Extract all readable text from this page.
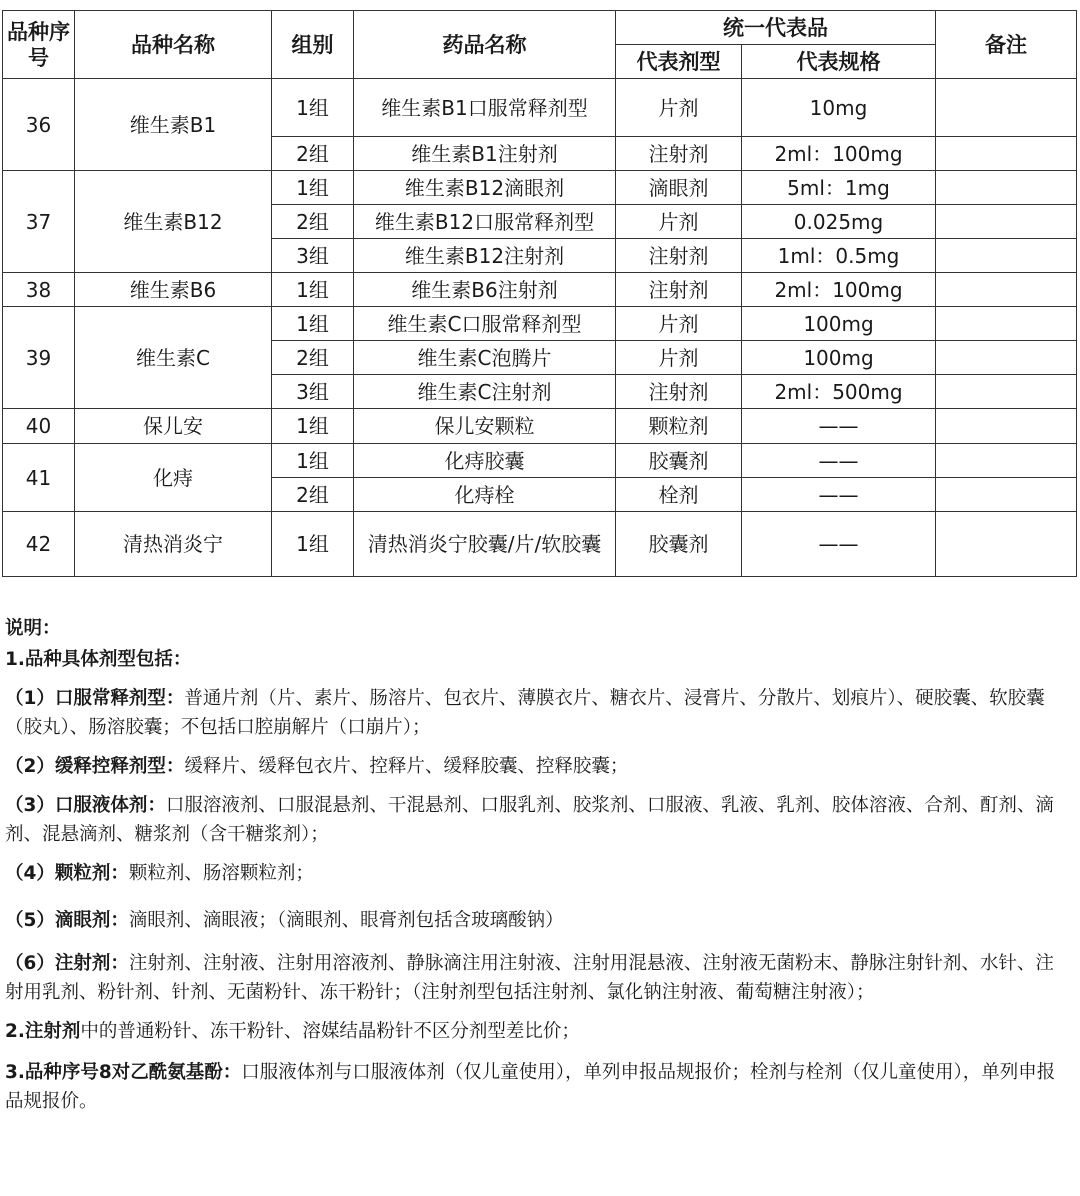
品种序号	品种名称	组别	药品名称	统一代表品		备注
				代表剂型	代表规格	
36	维生素B1	1组	维生素B1口服常释剂型	片剂	10mg	
		2组	维生素B1注射剂	注射剂	2ml：100mg	
37	维生素B12	1组	维生素B12滴眼剂	滴眼剂	5ml：1mg	
		2组	维生素B12口服常释剂型	片剂	0.025mg	
		3组	维生素B12注射剂	注射剂	1ml：0.5mg	
38	维生素B6	1组	维生素B6注射剂	注射剂	2ml：100mg	
39	维生素C	1组	维生素C口服常释剂型	片剂	100mg	
		2组	维生素C泡腾片	片剂	100mg	
		3组	维生素C注射剂	注射剂	2ml：500mg	
40	保儿安	1组	保儿安颗粒	颗粒剂	——	
41	化痔	1组	化痔胶囊	胶囊剂	——	
		2组	化痔栓	栓剂	——	
42	清热消炎宁	1组	清热消炎宁胶囊/片/软胶囊	胶囊剂	——	

说明：

1.品种具体剂型包括：

（1）口服常释剂型：普通片剂（片、素片、肠溶片、包衣片、薄膜衣片、糖衣片、浸膏片、分散片、划痕片）、硬胶囊、软胶囊（胶丸）、肠溶胶囊；不包括口腔崩解片（口崩片）；

（2）缓释控释剂型：缓释片、缓释包衣片、控释片、缓释胶囊、控释胶囊；

（3）口服液体剂：口服溶液剂、口服混悬剂、干混悬剂、口服乳剂、胶浆剂、口服液、乳液、乳剂、胶体溶液、合剂、酊剂、滴剂、混悬滴剂、糖浆剂（含干糖浆剂）；

（4）颗粒剂：颗粒剂、肠溶颗粒剂；

（5）滴眼剂：滴眼剂、滴眼液；（滴眼剂、眼膏剂包括含玻璃酸钠）

（6）注射剂：注射剂、注射液、注射用溶液剂、静脉滴注用注射液、注射用混悬液、注射液无菌粉末、静脉注射针剂、水针、注射用乳剂、粉针剂、针剂、无菌粉针、冻干粉针；（注射剂型包括注射剂、氯化钠注射液、葡萄糖注射液）；

2.注射剂中的普通粉针、冻干粉针、溶媒结晶粉针不区分剂型差比价；

3.品种序号8对乙酰氨基酚：口服液体剂与口服液体剂（仅儿童使用），单列申报品规报价；栓剂与栓剂（仅儿童使用），单列申报品规报价。
